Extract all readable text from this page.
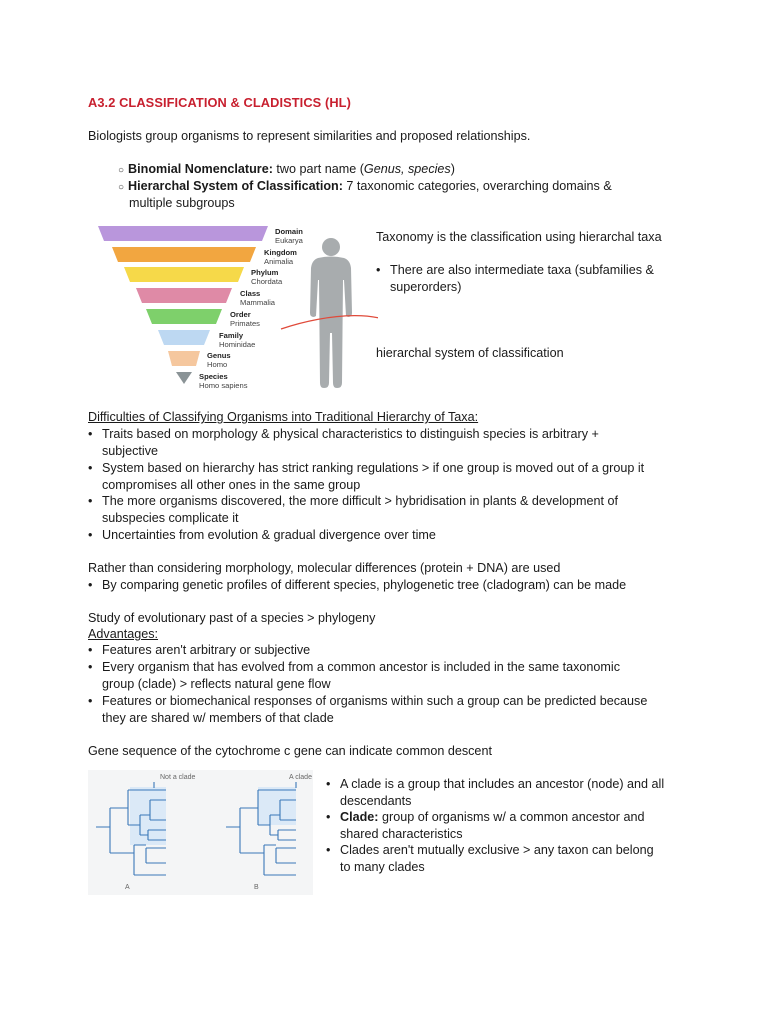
A3.2 CLASSIFICATION & CLADISTICS (HL)
Biologists group organisms to represent similarities and proposed relationships.
○ Binomial Nomenclature: two part name (Genus, species)
○ Hierarchal System of Classification: 7 taxonomic categories, overarching domains &
multiple subgroups
Domain
Eukarya
Kingdom
Animalia
Phylum
Chordata
Class
Mammalia
Order
Primates
Family
Hominidae
Genus
Homo
Species
Homo sapiens
Taxonomy is the classification using hierarchal taxa
• There are also intermediate taxa (subfamilies &
superorders)
hierarchal system of classification
Difficulties of Classifying Organisms into Traditional Hierarchy of Taxa:
• Traits based on morphology & physical characteristics to distinguish species is arbitrary +
subjective
• System based on hierarchy has strict ranking regulations > if one group is moved out of a group it
compromises all other ones in the same group
• The more organisms discovered, the more difficult > hybridisation in plants & development of
subspecies complicate it
• Uncertainties from evolution & gradual divergence over time
Rather than considering morphology, molecular differences (protein + DNA) are used
• By comparing genetic profiles of different species, phylogenetic tree (cladogram) can be made
Study of evolutionary past of a species > phylogeny
Advantages:
• Features aren't arbitrary or subjective
• Every organism that has evolved from a common ancestor is included in the same taxonomic
group (clade) > reflects natural gene flow
• Features or biomechanical responses of organisms within such a group can be predicted because
they are shared w/ members of that clade
Gene sequence of the cytochrome c gene can indicate common descent
Not a clade	A clade
A	B
• A clade is a group that includes an ancestor (node) and all
descendants
• Clade: group of organisms w/ a common ancestor and
shared characteristics
• Clades aren't mutually exclusive > any taxon can belong
to many clades
